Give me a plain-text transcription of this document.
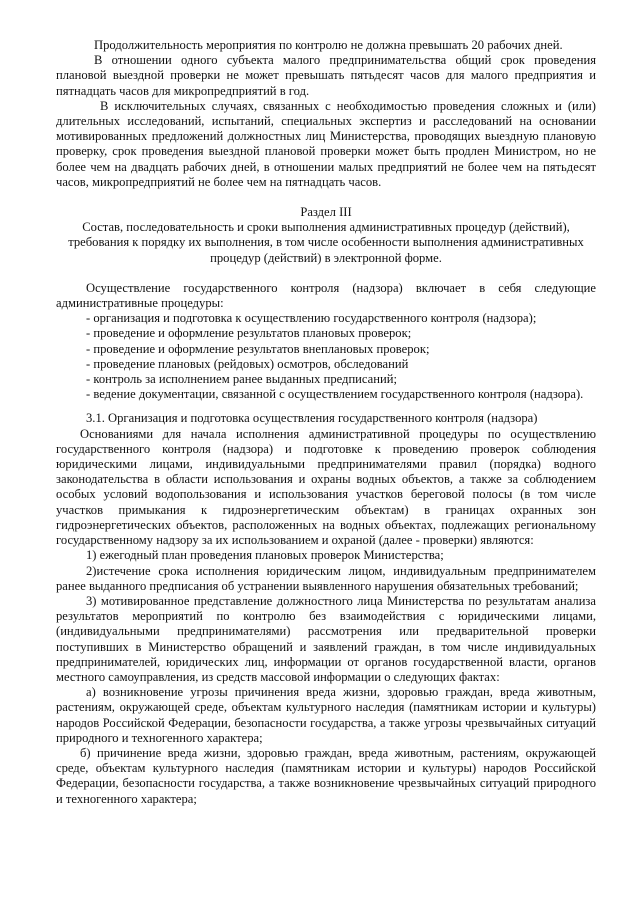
Продолжительность мероприятия по контролю не должна превышать 20 рабочих дней.

В отношении одного субъекта малого предпринимательства общий срок проведения плановой выездной проверки не может превышать пятьдесят часов для малого предприятия и пятнадцать часов для микропредприятий в год.

В исключительных случаях, связанных с необходимостью проведения сложных и (или) длительных исследований, испытаний, специальных экспертиз и расследований на основании мотивированных предложений должностных лиц Министерства, проводящих выездную плановую проверку, срок проведения выездной плановой проверки может быть продлен Министром, но не более чем на двадцать рабочих дней, в отношении малых предприятий не более чем на пятьдесят часов, микропредприятий не более чем на пятнадцать часов.

Раздел III

Состав, последовательность и сроки выполнения административных процедур (действий), требования к порядку их выполнения, в том числе особенности выполнения административных процедур (действий) в электронной форме.

Осуществление государственного контроля (надзора) включает в себя следующие административные процедуры:

- организация и подготовка к осуществлению государственного контроля (надзора);
- проведение и оформление результатов плановых проверок;
- проведение и оформление результатов внеплановых проверок;
- проведение плановых (рейдовых) осмотров, обследований
- контроль за исполнением ранее выданных предписаний;
- ведение документации, связанной с осуществлением государственного контроля (надзора).

3.1. Организация и подготовка осуществления государственного контроля (надзора)

Основаниями для начала исполнения административной процедуры по осуществлению государственного контроля (надзора) и подготовке к проведению проверок соблюдения юридическими лицами, индивидуальными предпринимателями правил (порядка) водного законодательства в области использования и охраны водных объектов, а также за соблюдением особых условий водопользования и использования участков береговой полосы (в том числе участков примыкания к гидроэнергетическим объектам) в границах охранных зон гидроэнергетических объектов, расположенных на водных объектах, подлежащих региональному государственному надзору за их использованием и охраной (далее - проверки) являются:

1) ежегодный план проведения плановых проверок Министерства;

2)истечение срока исполнения юридическим лицом, индивидуальным предпринимателем ранее выданного предписания об устранении выявленного нарушения обязательных требований;

3) мотивированное представление должностного лица Министерства по результатам анализа результатов мероприятий по контролю без взаимодействия с юридическими лицами, (индивидуальными предпринимателями) рассмотрения или предварительной проверки поступивших в Министерство обращений и заявлений граждан, в том числе индивидуальных предпринимателей, юридических лиц, информации от органов государственной власти, органов местного самоуправления, из средств массовой информации о следующих фактах:

а) возникновение угрозы причинения вреда жизни, здоровью граждан, вреда животным, растениям, окружающей среде, объектам культурного наследия (памятникам истории и культуры) народов Российской Федерации, безопасности государства, а также угрозы чрезвычайных ситуаций природного и техногенного характера;

б) причинение вреда жизни, здоровью граждан, вреда животным, растениям, окружающей среде, объектам культурного наследия (памятникам истории и культуры) народов Российской Федерации, безопасности государства, а также возникновение чрезвычайных ситуаций природного и техногенного характера;
